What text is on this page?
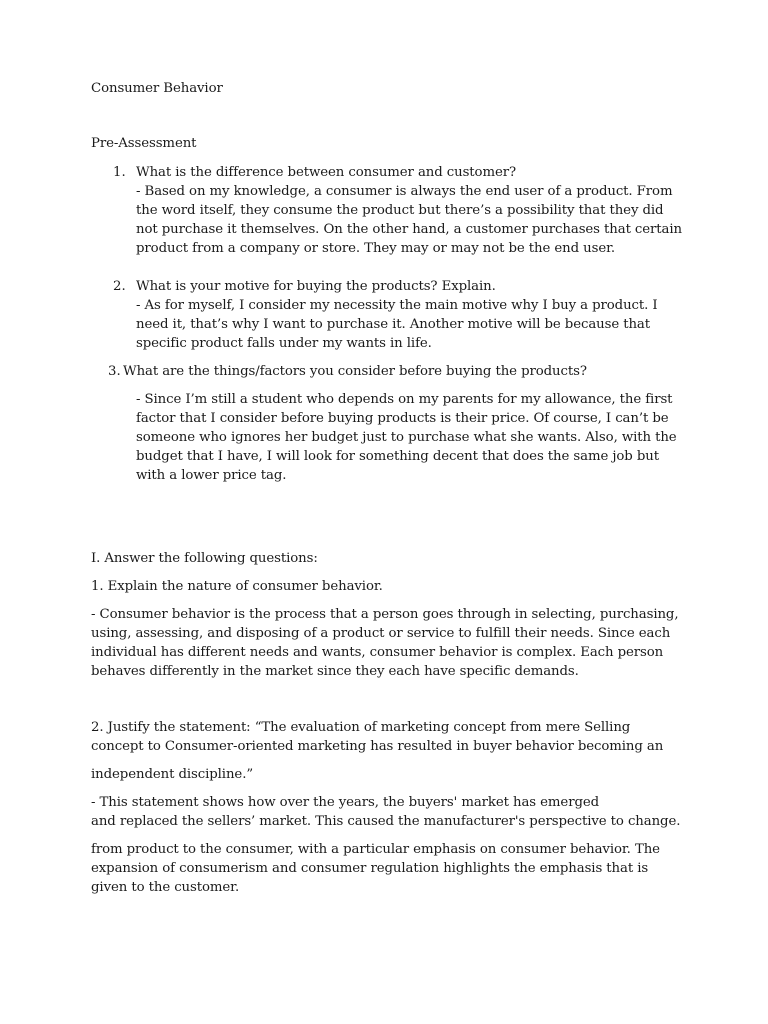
Consumer Behavior

Pre-Assessment

1. What is the difference between consumer and customer?

- Based on my knowledge, a consumer is always the end user of a product. From

the word itself, they consume the product but there’s a possibility that they did

not purchase it themselves. On the other hand, a customer purchases that certain

product from a company or store. They may or may not be the end user.

2. What is your motive for buying the products? Explain.

- As for myself, I consider my necessity the main motive why I buy a product. I

need it, that’s why I want to purchase it. Another motive will be because that

specific product falls under my wants in life.

3. What are the things/factors you consider before buying the products?

- Since I’m still a student who depends on my parents for my allowance, the first

factor that I consider before buying products is their price. Of course, I can’t be

someone who ignores her budget just to purchase what she wants. Also, with the

budget that I have, I will look for something decent that does the same job but

with a lower price tag.

I. Answer the following questions:

1. Explain the nature of consumer behavior.

- Consumer behavior is the process that a person goes through in selecting, purchasing,

using, assessing, and disposing of a product or service to fulfill their needs. Since each

individual has different needs and wants, consumer behavior is complex. Each person

behaves differently in the market since they each have specific demands.

2. Justify the statement: “The evaluation of marketing concept from mere Selling

concept to Consumer-oriented marketing has resulted in buyer behavior becoming an

independent discipline.”

- This statement shows how over the years, the buyers' market has emerged

and replaced the sellers’ market. This caused the manufacturer's perspective to change.

from product to the consumer, with a particular emphasis on consumer behavior. The

expansion of consumerism and consumer regulation highlights the emphasis that is

given to the customer.
